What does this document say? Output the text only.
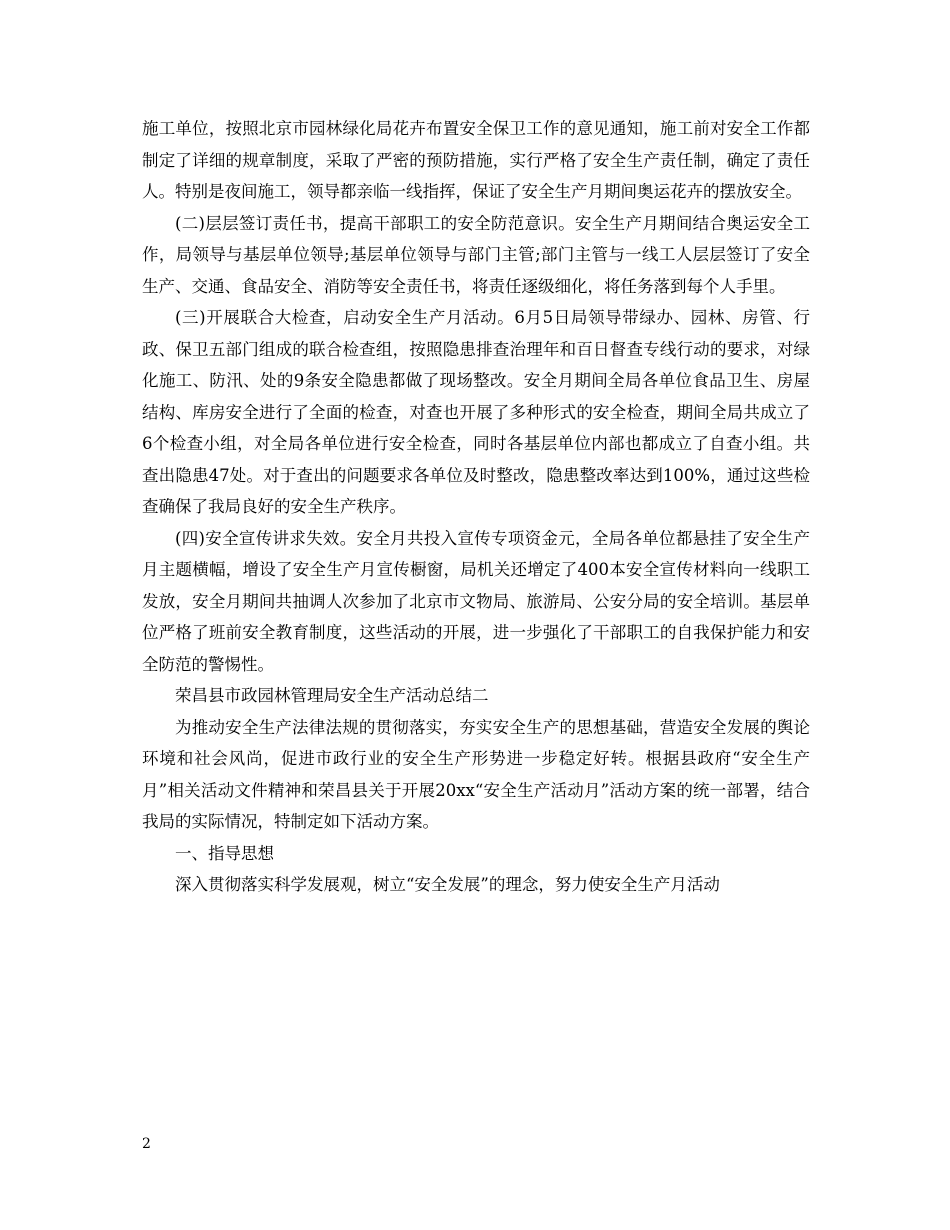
施工单位，按照北京市园林绿化局花卉布置安全保卫工作的意见通知，施工前对安全工作都制定了详细的规章制度，采取了严密的预防措施，实行严格了安全生产责任制，确定了责任人。特别是夜间施工，领导都亲临一线指挥，保证了安全生产月期间奥运花卉的摆放安全。

(二)层层签订责任书，提高干部职工的安全防范意识。安全生产月期间结合奥运安全工作，局领导与基层单位领导;基层单位领导与部门主管;部门主管与一线工人层层签订了安全生产、交通、食品安全、消防等安全责任书，将责任逐级细化，将任务落到每个人手里。

(三)开展联合大检查，启动安全生产月活动。6月5日局领导带绿办、园林、房管、行政、保卫五部门组成的联合检查组，按照隐患排查治理年和百日督查专线行动的要求，对绿化施工、防汛、处的9条安全隐患都做了现场整改。安全月期间全局各单位食品卫生、房屋结构、库房安全进行了全面的检查，对查也开展了多种形式的安全检查，期间全局共成立了6个检查小组，对全局各单位进行安全检查，同时各基层单位内部也都成立了自查小组。共查出隐患47处。对于查出的问题要求各单位及时整改，隐患整改率达到100%，通过这些检查确保了我局良好的安全生产秩序。

(四)安全宣传讲求失效。安全月共投入宣传专项资金元，全局各单位都悬挂了安全生产月主题横幅，增设了安全生产月宣传橱窗，局机关还增定了400本安全宣传材料向一线职工发放，安全月期间共抽调人次参加了北京市文物局、旅游局、公安分局的安全培训。基层单位严格了班前安全教育制度，这些活动的开展，进一步强化了干部职工的自我保护能力和安全防范的警惕性。

荣昌县市政园林管理局安全生产活动总结二

为推动安全生产法律法规的贯彻落实，夯实安全生产的思想基础，营造安全发展的舆论环境和社会风尚，促进市政行业的安全生产形势进一步稳定好转。根据县政府“安全生产月”相关活动文件精神和荣昌县关于开展20xx“安全生产活动月”活动方案的统一部署，结合我局的实际情况，特制定如下活动方案。

一、指导思想

深入贯彻落实科学发展观，树立“安全发展”的理念，努力使安全生产月活动

2
